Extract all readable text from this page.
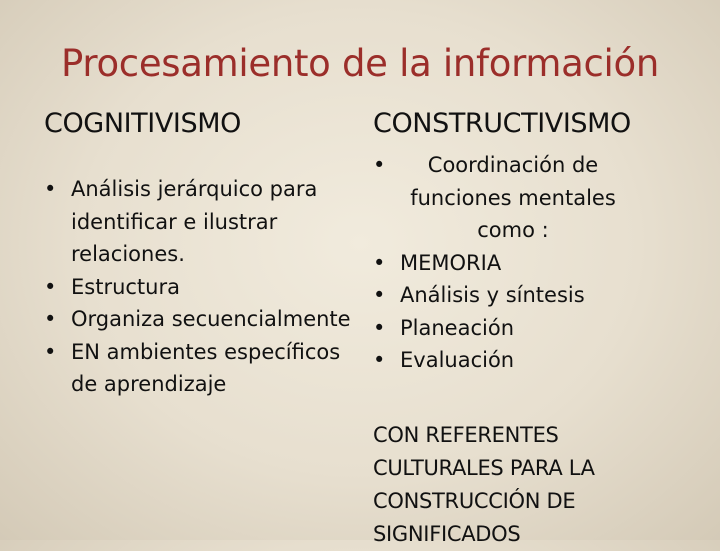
Procesamiento de la información
COGNITIVISMO	CONSTRUCTIVISMO
• Análisis jerárquico para identificar e ilustrar relaciones.
• Estructura
• Organiza secuencialmente
• EN ambientes específicos de aprendizaje
•	Coordinación de funciones mentales como :
• MEMORIA
• Análisis y síntesis
• Planeación
• Evaluación
CON REFERENTES
CULTURALES PARA LA
CONSTRUCCIÓN DE
SIGNIFICADOS
